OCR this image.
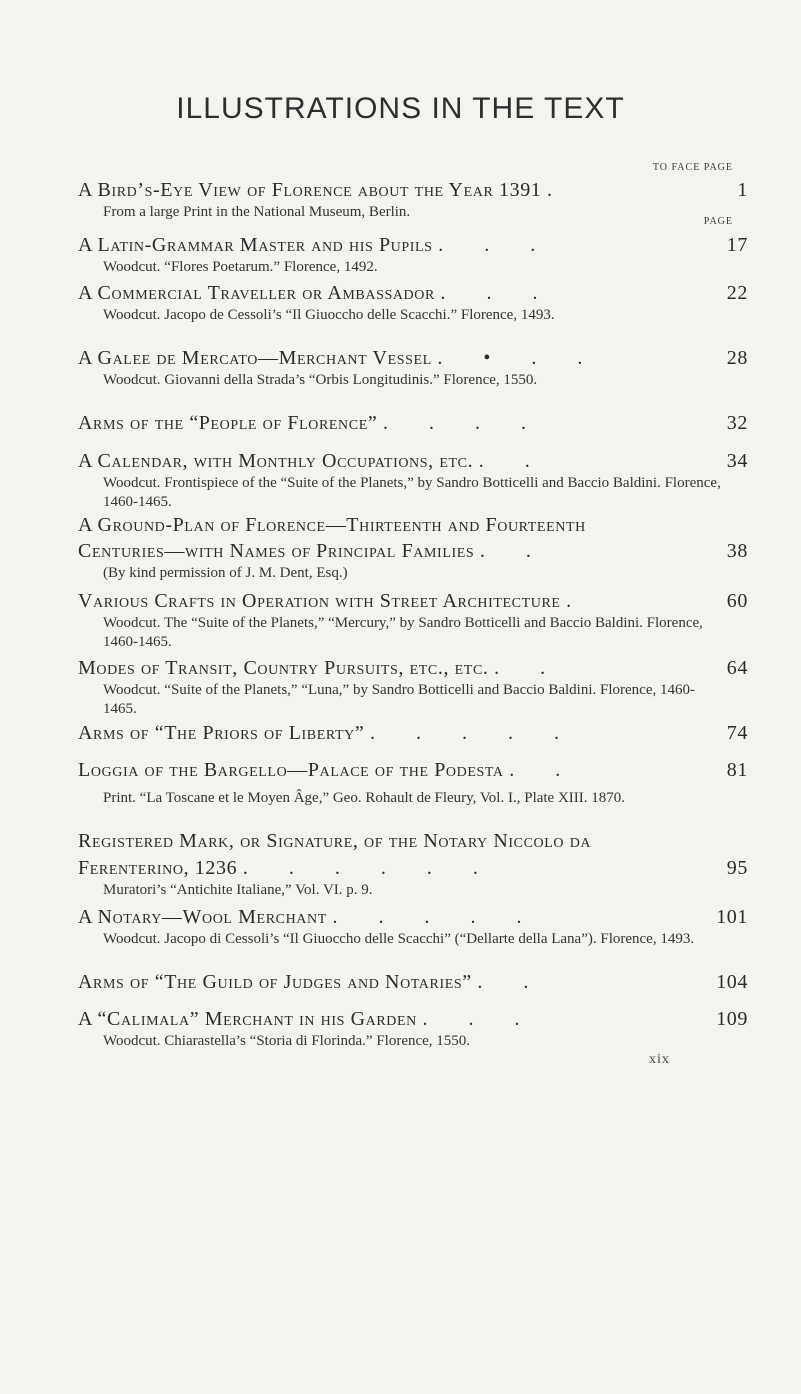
ILLUSTRATIONS IN THE TEXT
TO FACE PAGE
PAGE
A Bird’s-Eye View of Florence about the Year 1391 .	1
From a large Print in the National Museum, Berlin.
A Latin-Grammar Master and his Pupils . . .	17
Woodcut. “Flores Poetarum.” Florence, 1492.
A Commercial Traveller or Ambassador . . .	22
Woodcut. Jacopo de Cessoli’s “Il Giuoccho delle Scacchi.” Florence, 1493.
A Galee de Mercato—Merchant Vessel . • . .	28
Woodcut. Giovanni della Strada’s “Orbis Longitudinis.” Florence, 1550.
Arms of the “People of Florence” . . . .	32
A Calendar, with Monthly Occupations, etc. . .	34
Woodcut. Frontispiece of the “Suite of the Planets,” by Sandro Botticelli and Baccio Baldini. Florence, 1460-1465.
A Ground-Plan of Florence—Thirteenth and Fourteenth
Centuries—with Names of Principal Families . .	38
(By kind permission of J. M. Dent, Esq.)
Various Crafts in Operation with Street Architecture .	60
Woodcut. The “Suite of the Planets,” “Mercury,” by Sandro Botticelli and Baccio Baldini. Florence, 1460-1465.
Modes of Transit, Country Pursuits, etc., etc. . .	64
Woodcut. “Suite of the Planets,” “Luna,” by Sandro Botticelli and Baccio Baldini. Florence, 1460-1465.
Arms of “The Priors of Liberty” . . . . .	74
Loggia of the Bargello—Palace of the Podesta . .	81
Print. “La Toscane et le Moyen Âge,” Geo. Rohault de Fleury, Vol. I., Plate XIII. 1870.
Registered Mark, or Signature, of the Notary Niccolo da
Ferenterino, 1236 . . . . . .	95
Muratori’s “Antichite Italiane,” Vol. VI. p. 9.
A Notary—Wool Merchant . . . . .	101
Woodcut. Jacopo di Cessoli’s “Il Giuoccho delle Scacchi” (“Dellarte della Lana”). Florence, 1493.
Arms of “The Guild of Judges and Notaries” . .	104
A “Calimala” Merchant in his Garden . . .	109
Woodcut. Chiarastella’s “Storia di Florinda.” Florence, 1550.
xix
